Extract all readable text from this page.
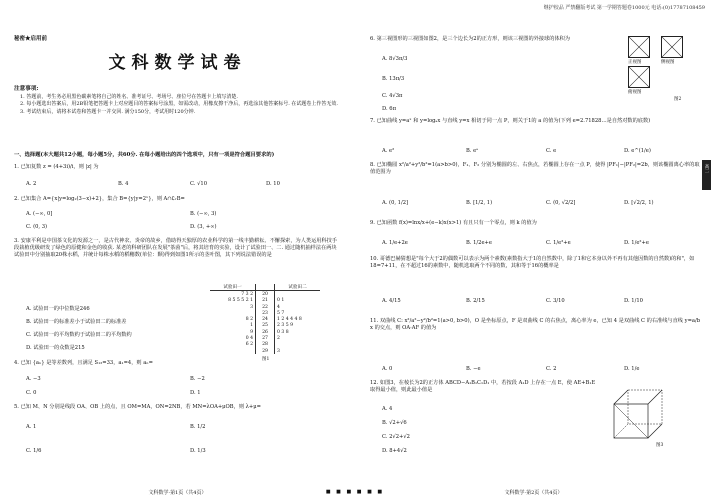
秘密★启用前
文科数学试卷
注意事项:
1. 答题前，考生务必用黑色碳素笔将自己的姓名、准考证号、考场号、座位号在答题卡上填写清楚.
2. 每小题选出答案后，用2B铅笔把答题卡上对应题目的答案标号涂黑，如需改动，用橡皮擦干净后，再选涂其他答案标号. 在试题卷上作答无效.
3. 考试结束后，请将本试卷和答题卡一并交回. 满分150分，考试用时120分钟.
一、选择题(本大题共12小题，每小题5分，共60分. 在每小题给出的四个选项中，只有一项是符合题目要求的)
1. 已知复数 z = (4+3i)/i，则 |z| 为
A. 2	B. 4	C. √10	D. 10
2. 已知集合 A={x|y=log₂(3−x)+2}，集合 B={y|y=2ˣ}，则 A∩∁ᵣB=
A. (−∞, 0]	B. (−∞, 3)
C. (0, 3)	D. (3, +∞)
3. 安康平利是中国茶文化的发源之一，是古代神农、炎帝的故乡，借助得天独厚的农业科学的第一线丰勤耕耘、不懈探索，为人类运用科技手段栽植优级研发了绿色的原健和金色的收获. 某老的科研团队在发展"茶茵"后，将其培育的实验，设计了试验田一、二. 通过随机抽样法在两块试验田中分别抽取20株水稻，并统计每株水稻的稻穗数(单位：颗)得到如图1所示的茎叶图，其下列说法错误的是
A. 试验田一的中位数是246
B. 试验田一的标准差小于试验田二的标准差
C. 试验田一的平均数约于试验田二的平均数约
D. 试验田一的众数是215
试验田一		试验田二
7 3 2	20	
8 5 5 5 2 1	21	0 1
3	22	4
	23	5 7
8 2	24	1 2 4 4 4 8
1	25	2 3 5 9
9	26	0 3 8
0 4	27	2
6 2	28	
	29	3
图1
4. 已知 {aₙ} 是等差数列，且满足 S₁₃=33，a₁=4，则 aₙ=
A. −3	B. −2
C. 0	D. 1
5. 已知 M、N 分别是线段 OA、OB 上的点，且 OM=MA，ON=2NB，若 MN=λOA+μOB，则 λ+μ=
A. 1	B. 1/2
C. 1/6	D. 1/3
文科数学·第1页（共4页）	■ ■ ■ ■ ■ ■
继护校品 严禁翻版考试 第一学期答题卷1000元 电话:(0)17787108459
6. 第三视图形的三视图如图2，是三个边长为2的正方形，则该三视图的外接球的体积为
A. 8√3π/3
B. 13π/3
C. 4√3π
D. 6π
正视图	侧视图
俯视图
图2
7. 已知曲线 y=aˣ 和 y=logₐx 与直线 y=x 相切于同一点 P，则关于1的 a 的值为(下列 e=2.71828…是自然对数的底数)
A. e²	B. eᵉ	C. e	D. e^(1/e)
8. 已知椭圆 x²/a²+y²/b²=1(a>b>0)，F₁、F₂ 分别为椭圆的左、右焦点，若椭圆上存在一点 P，使得 |PF₁|−|PF₂|=2b，则该椭圆离心率的取值范围为
A. (0, 1/2]	B. [1/2, 1)	C. (0, √2/2]	D. [√2/2, 1)
9. 已知函数 f(x)=lnx/x+(e−k)x(x>1) 有且只有一个零点，则 k 的值为
A. 1/e+2e	B. 1/2e+e	C. 1/e²+e	D. 1/e²+e
10. 哥德巴赫猜想是"每个大于2的偶数可以表示为两个素数(素数指大于1的自然数中，除了1和它本身以外不再有其他因数的自然数)的和"，如18=7+11，在不超过16的素数中，随机选取两个不同的数，其和等于16的概率是
A. 4/15	B. 2/15	C. 3/10	D. 1/10
11. 双曲线 C: x²/a²−y²/b²=1(a>0, b>0)，O 是坐标原点，F 是双曲线 C 的右焦点，离心率为 e，已知 4 是双曲线 C 的右准线与直线 y=a/b x 的交点，则 OA·AF 的值为
A. 0	B. −e	C. 2	D. 1/e
12. 如图3，在棱长为2的正方体 ABCD−A₁B₁C₁D₁ 中，若按段 A₁D 上存在一点 E，使 AE+B₁E 取得最小值，则此最小值是
A. 4
B. √2+√6
C. 2√2+√2
D. 8+4√2
图3
文科数学·第2页（共4页）
高二
